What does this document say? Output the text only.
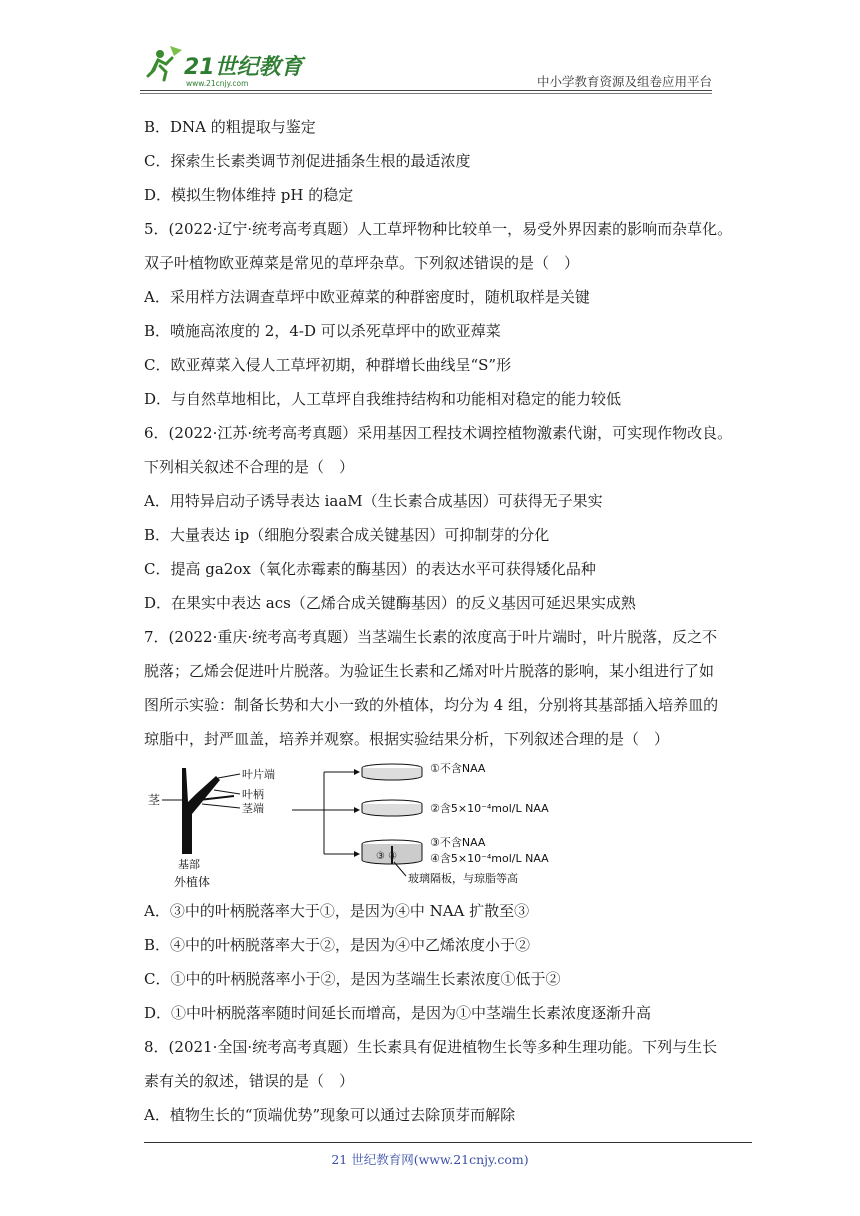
21世纪教育
www.21cnjy.com	中小学教育资源及组卷应用平台
B．DNA 的粗提取与鉴定
C．探索生长素类调节剂促进插条生根的最适浓度
D．模拟生物体维持 pH 的稳定
5．(2022·辽宁·统考高考真题）人工草坪物种比较单一，易受外界因素的影响而杂草化。
双子叶植物欧亚蔊菜是常见的草坪杂草。下列叙述错误的是（　）
A．采用样方法调查草坪中欧亚蔊菜的种群密度时，随机取样是关键
B．喷施高浓度的 2，4-D 可以杀死草坪中的欧亚蔊菜
C．欧亚蔊菜入侵人工草坪初期，种群增长曲线呈“S”形
D．与自然草地相比，人工草坪自我维持结构和功能相对稳定的能力较低
6．(2022·江苏·统考高考真题）采用基因工程技术调控植物激素代谢，可实现作物改良。
下列相关叙述不合理的是（　）
A．用特异启动子诱导表达 iaaM（生长素合成基因）可获得无子果实
B．大量表达 ip（细胞分裂素合成关键基因）可抑制芽的分化
C．提高 ga2ox（氧化赤霉素的酶基因）的表达水平可获得矮化品种
D．在果实中表达 acs（乙烯合成关键酶基因）的反义基因可延迟果实成熟
7．(2022·重庆·统考高考真题）当茎端生长素的浓度高于叶片端时，叶片脱落，反之不
脱落；乙烯会促进叶片脱落。为验证生长素和乙烯对叶片脱落的影响，某小组进行了如
图所示实验：制备长势和大小一致的外植体，均分为 4 组，分别将其基部插入培养皿的
琼脂中，封严皿盖，培养并观察。根据实验结果分析，下列叙述合理的是（　）
茎
叶片端
叶柄
茎端
基部
外植体
③ ④
①不含NAA
②含5×10⁻⁴mol/L NAA
③不含NAA
④含5×10⁻⁴mol/L NAA
玻璃隔板，与琼脂等高
A．③中的叶柄脱落率大于①，是因为④中 NAA 扩散至③
B．④中的叶柄脱落率大于②，是因为④中乙烯浓度小于②
C．①中的叶柄脱落率小于②，是因为茎端生长素浓度①低于②
D．①中叶柄脱落率随时间延长而增高，是因为①中茎端生长素浓度逐渐升高
8．(2021·全国·统考高考真题）生长素具有促进植物生长等多种生理功能。下列与生长
素有关的叙述，错误的是（　）
A．植物生长的“顶端优势”现象可以通过去除顶芽而解除
21 世纪教育网(www.21cnjy.com)
